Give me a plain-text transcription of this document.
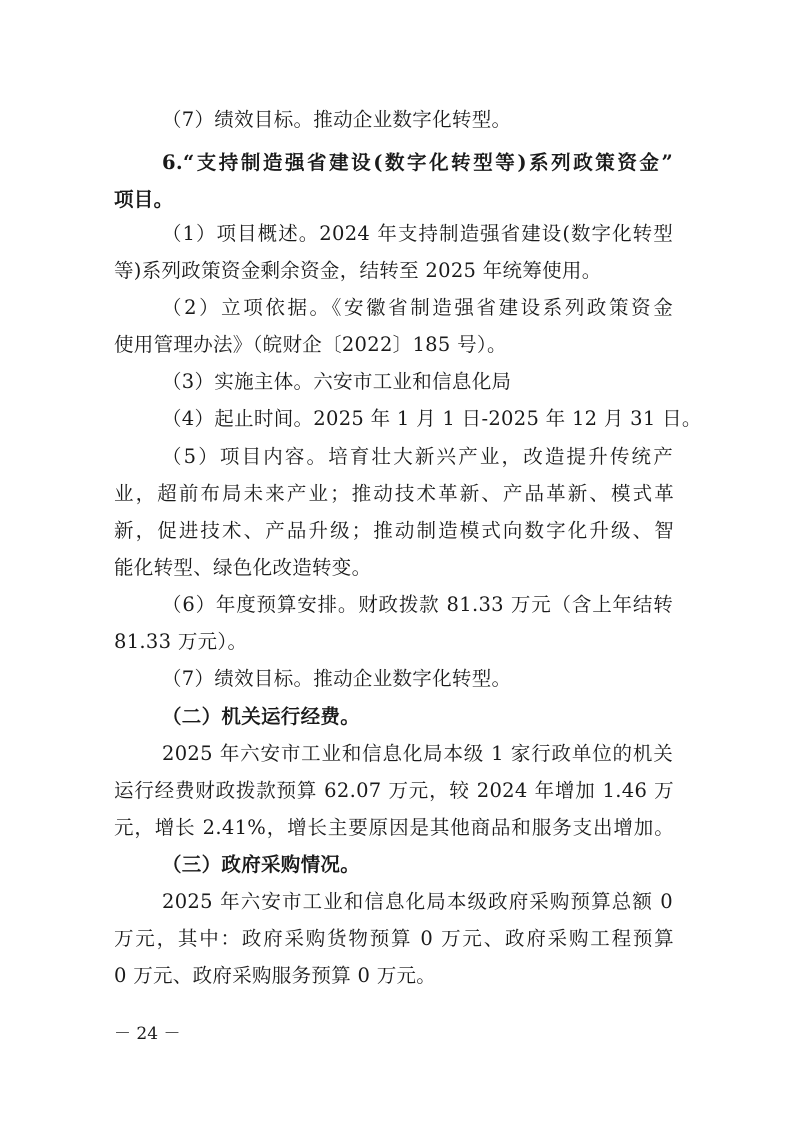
（7）绩效目标。推动企业数字化转型。
6.“支持制造强省建设(数字化转型等)系列政策资金”
项目。
（1）项目概述。2024 年支持制造强省建设(数字化转型
等)系列政策资金剩余资金，结转至 2025 年统筹使用。
（2）立项依据。《安徽省制造强省建设系列政策资金
使用管理办法》（皖财企〔2022〕185 号）。
（3）实施主体。六安市工业和信息化局
（4）起止时间。2025 年 1 月 1 日-2025 年 12 月 31 日。
（5）项目内容。培育壮大新兴产业，改造提升传统产
业，超前布局未来产业；推动技术革新、产品革新、模式革
新，促进技术、产品升级；推动制造模式向数字化升级、智
能化转型、绿色化改造转变。
（6）年度预算安排。财政拨款 81.33 万元（含上年结转
81.33 万元）。
（7）绩效目标。推动企业数字化转型。
（二）机关运行经费。
2025 年六安市工业和信息化局本级 1 家行政单位的机关
运行经费财政拨款预算 62.07 万元，较 2024 年增加 1.46 万
元，增长 2.41%，增长主要原因是其他商品和服务支出增加。
（三）政府采购情况。
2025 年六安市工业和信息化局本级政府采购预算总额 0
万元，其中：政府采购货物预算 0 万元、政府采购工程预算
0 万元、政府采购服务预算 0 万元。
－ 24 －
